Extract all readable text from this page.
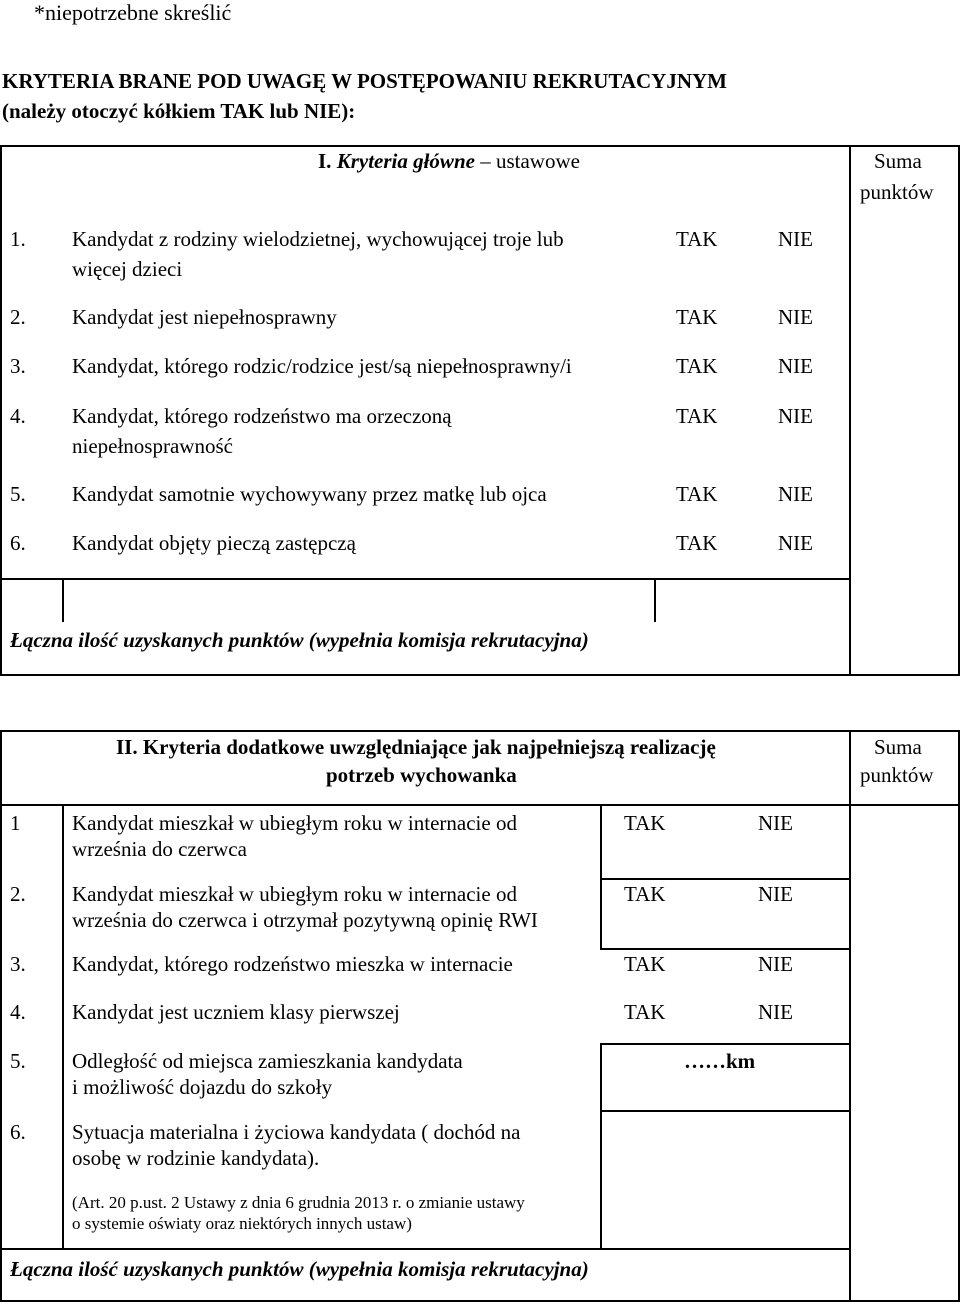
*niepotrzebne skreślić
KRYTERIA BRANE POD UWAGĘ W POSTĘPOWANIU REKRUTACYJNYM
(należy otoczyć kółkiem TAK lub NIE):
I. Kryteria główne – ustawowe	Suma
punktów
1. Kandydat z rodziny wielodzietnej, wychowującej troje lub
więcej dzieci
TAK	NIE
2. Kandydat jest niepełnosprawny	TAK	NIE
3. Kandydat, którego rodzic/rodzice jest/są niepełnosprawny/i	TAK	NIE
4. Kandydat, którego rodzeństwo ma orzeczoną
niepełnosprawność
TAK	NIE
5. Kandydat samotnie wychowywany przez matkę lub ojca	TAK	NIE
6. Kandydat objęty pieczą zastępczą	TAK	NIE
Łączna ilość uzyskanych punktów (wypełnia komisja rekrutacyjna)
II. Kryteria dodatkowe uwzględniające jak najpełniejszą realizację
potrzeb wychowanka
Suma
punktów
1 Kandydat mieszkał w ubiegłym roku w internacie od
września do czerwca
TAK	NIE
2. Kandydat mieszkał w ubiegłym roku w internacie od
września do czerwca i otrzymał pozytywną opinię RWI
TAK	NIE
3. Kandydat, którego rodzeństwo mieszka w internacie	TAK	NIE
4. Kandydat jest uczniem klasy pierwszej	TAK	NIE
5. Odległość od miejsca zamieszkania kandydata
i możliwość dojazdu do szkoły
……km
6. Sytuacja materialna i życiowa kandydata ( dochód na
osobę w rodzinie kandydata).
(Art. 20 p.ust. 2 Ustawy z dnia 6 grudnia 2013 r. o zmianie ustawy
o systemie oświaty oraz niektórych innych ustaw)
Łączna ilość uzyskanych punktów (wypełnia komisja rekrutacyjna)
